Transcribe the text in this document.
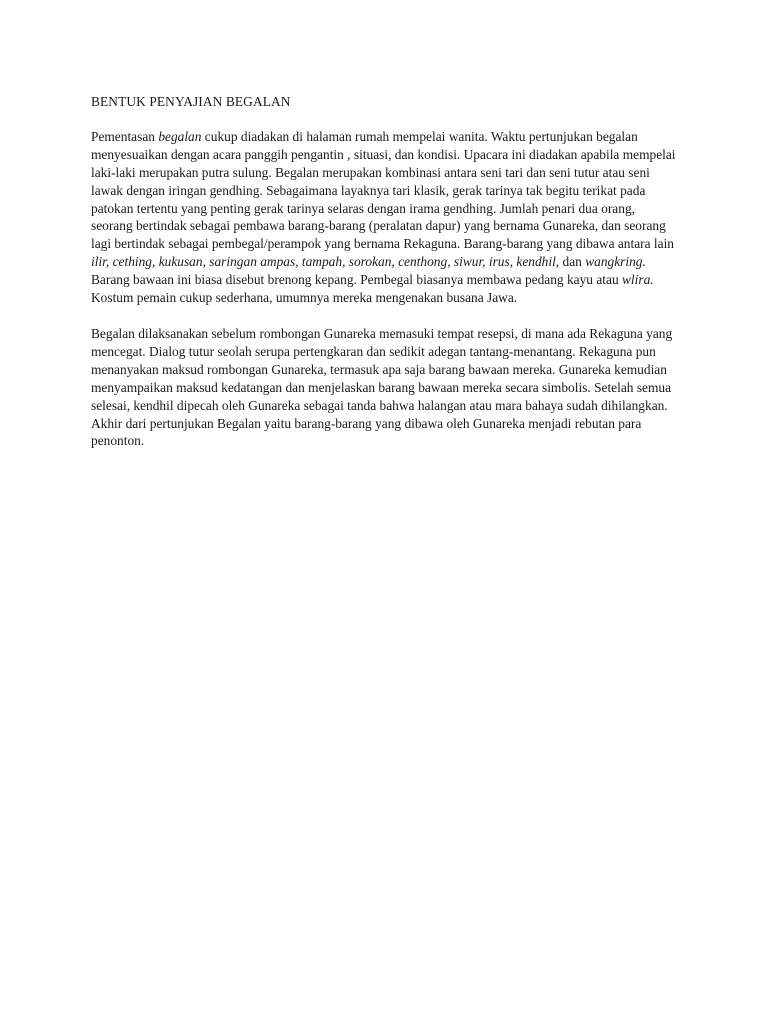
BENTUK PENYAJIAN BEGALAN

Pementasan begalan cukup diadakan di halaman rumah mempelai wanita. Waktu pertunjukan begalan menyesuaikan dengan acara panggih pengantin , situasi, dan kondisi. Upacara ini diadakan apabila mempelai laki-laki merupakan putra sulung. Begalan merupakan kombinasi antara seni tari dan seni tutur atau seni lawak dengan iringan gendhing. Sebagaimana layaknya tari klasik, gerak tarinya tak begitu terikat pada patokan tertentu yang penting gerak tarinya selaras dengan irama gendhing. Jumlah penari dua orang, seorang bertindak sebagai pembawa barang-barang (peralatan dapur) yang bernama Gunareka, dan seorang lagi bertindak sebagai pembegal/perampok yang bernama Rekaguna. Barang-barang yang dibawa antara lain ilir, cething, kukusan, saringan ampas, tampah, sorokan, centhong, siwur, irus, kendhil, dan wangkring. Barang bawaan ini biasa disebut brenong kepang. Pembegal biasanya membawa pedang kayu atau wlira. Kostum pemain cukup sederhana, umumnya mereka mengenakan busana Jawa.

Begalan dilaksanakan sebelum rombongan Gunareka memasuki tempat resepsi, di mana ada Rekaguna yang mencegat. Dialog tutur seolah serupa pertengkaran dan sedikit adegan tantang-menantang. Rekaguna pun menanyakan maksud rombongan Gunareka, termasuk apa saja barang bawaan mereka. Gunareka kemudian menyampaikan maksud kedatangan dan menjelaskan barang bawaan mereka secara simbolis. Setelah semua selesai, kendhil dipecah oleh Gunareka sebagai tanda bahwa halangan atau mara bahaya sudah dihilangkan. Akhir dari pertunjukan Begalan yaitu barang-barang yang dibawa oleh Gunareka menjadi rebutan para penonton.
